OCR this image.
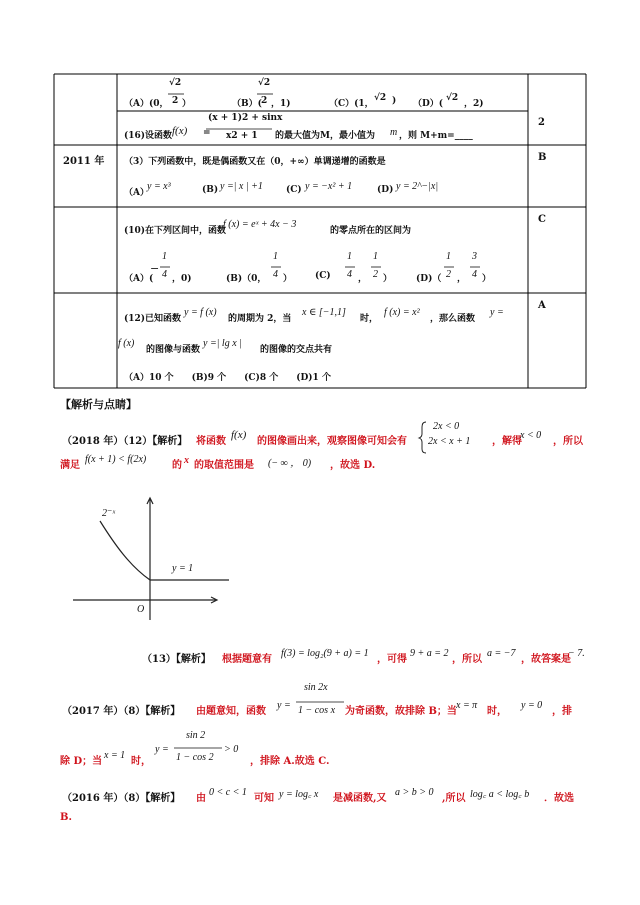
（A）(0，
√2
2 ）	（B）(
√2
2 ，1)	（C）(1，
√2 ) （D）(
√2
，2)
(16)设函数 f(x) =
(x + 1)2 + sinx
x2 + 1 的最大值为M，最小值为 m ，则 M+m=____
2
2011 年 （3）下列函数中，既是偶函数又在（0，+∞）单调递增的函数是
（A）
y = x³	(B) y =| x | +1	(C) y = −x² + 1	(D) y = 2^−|x|
B
(10)在下列区间中，函数
f (x) = eˣ + 4x − 3
的零点所在的区间为
（A）(
−
1
4 ，0)	(B)（0，
1
4 ）	(C)
1
4 ，
1
2 ）	(D)（
1
2 ，
3
4 ）
C
(12)已知函数
y = f (x)
的周期为 2，当
x ∈ [−1,1]
时，
f (x) = x²
，那么函数
y =
f (x)
的图像与函数
y =| lg x |
的图像的交点共有
（A）10 个　　(B)9 个　　(C)8 个　　(D)1 个
A
【解析与点睛】
（2018 年）（12）【解析】 将函数
f(x)
的图像画出来，观察图像可知会有
2x < 0
2x < x + 1 ，解得
x < 0
，所以
满足
f(x + 1) < f(2x)
的 x 的取值范围是 (− ∞ ， 0) ，故选 D.
2⁻ˣ
y = 1
O
（13）【解析】 根据题意有
f(3) = log₂(9 + a) = 1
，可得
9 + a = 2
，所以
a = −7
，故答案是
− 7.
（2017 年）（8）【解析】 由题意知，函数
y =
sin 2x
1 − cos x 为奇函数，故排除 B；当
x = π
时，
y = 0
，排
除 D；当
x = 1
时，
y =
sin 2
1 − cos 2
> 0
，排除 A.故选 C.
（2016 年）（8）【解析】 由
0 < c < 1
可知 y = log꜀ x 是减函数,又
a > b > 0
,所以 log꜀ a < log꜀ b ．故选
B.
